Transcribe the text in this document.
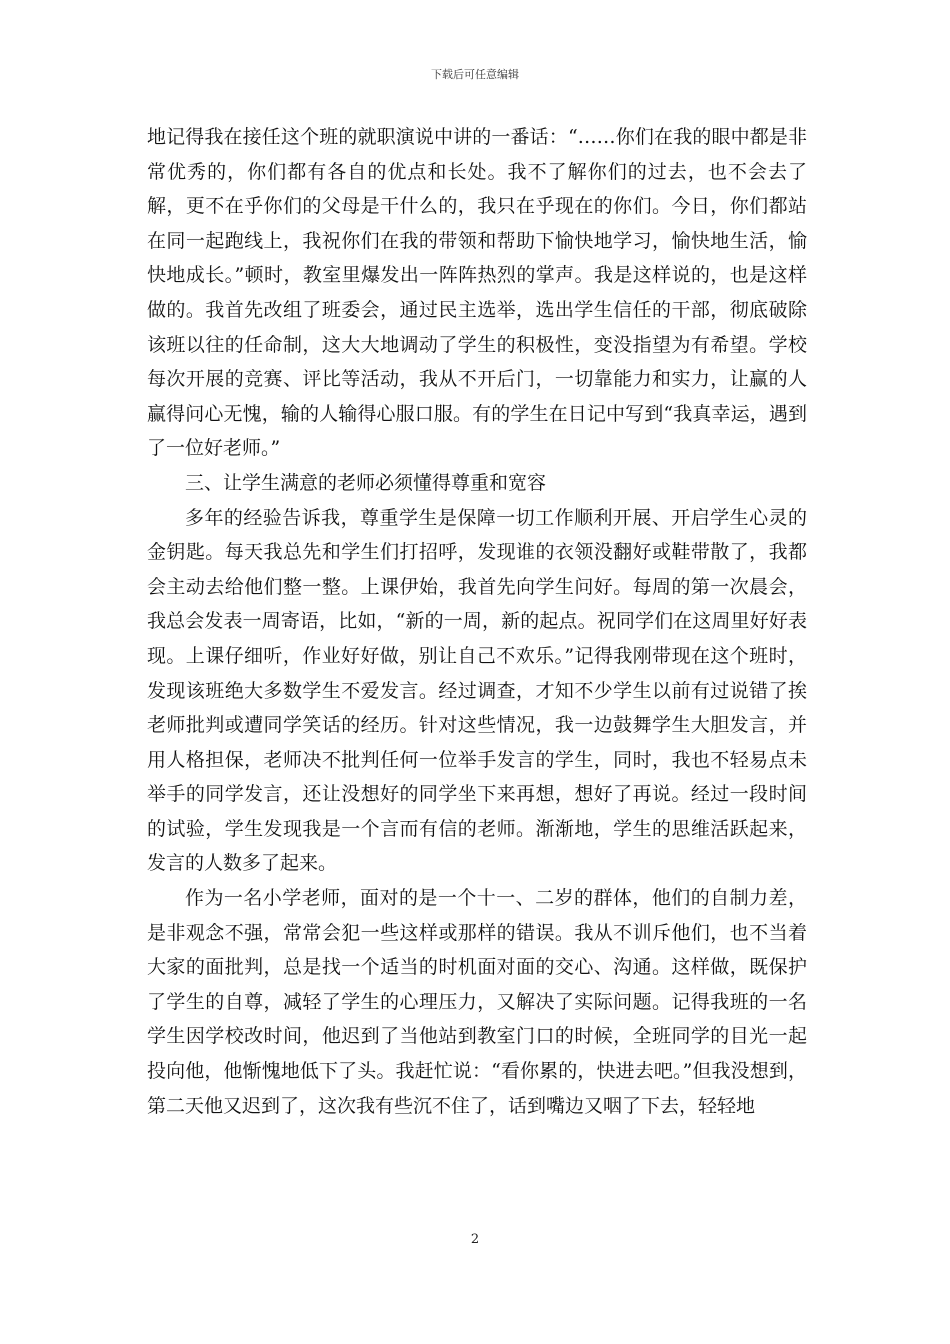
下载后可任意编辑

地记得我在接任这个班的就职演说中讲的一番话：“……你们在我的眼中都是非常优秀的，你们都有各自的优点和长处。我不了解你们的过去，也不会去了解，更不在乎你们的父母是干什么的，我只在乎现在的你们。今日，你们都站在同一起跑线上，我祝你们在我的带领和帮助下愉快地学习，愉快地生活，愉快地成长。”顿时，教室里爆发出一阵阵热烈的掌声。我是这样说的，也是这样做的。我首先改组了班委会，通过民主选举，选出学生信任的干部，彻底破除该班以往的任命制，这大大地调动了学生的积极性，变没指望为有希望。学校每次开展的竞赛、评比等活动，我从不开后门，一切靠能力和实力，让赢的人赢得问心无愧，输的人输得心服口服。有的学生在日记中写到“我真幸运，遇到了一位好老师。”

三、让学生满意的老师必须懂得尊重和宽容

多年的经验告诉我，尊重学生是保障一切工作顺利开展、开启学生心灵的金钥匙。每天我总先和学生们打招呼，发现谁的衣领没翻好或鞋带散了，我都会主动去给他们整一整。上课伊始，我首先向学生问好。每周的第一次晨会，我总会发表一周寄语，比如，“新的一周，新的起点。祝同学们在这周里好好表现。上课仔细听，作业好好做，别让自己不欢乐。”记得我刚带现在这个班时，发现该班绝大多数学生不爱发言。经过调查，才知不少学生以前有过说错了挨老师批判或遭同学笑话的经历。针对这些情况，我一边鼓舞学生大胆发言，并用人格担保，老师决不批判任何一位举手发言的学生，同时，我也不轻易点未举手的同学发言，还让没想好的同学坐下来再想，想好了再说。经过一段时间的试验，学生发现我是一个言而有信的老师。渐渐地，学生的思维活跃起来，发言的人数多了起来。

作为一名小学老师，面对的是一个十一、二岁的群体，他们的自制力差，是非观念不强，常常会犯一些这样或那样的错误。我从不训斥他们，也不当着大家的面批判，总是找一个适当的时机面对面的交心、沟通。这样做，既保护了学生的自尊，减轻了学生的心理压力，又解决了实际问题。记得我班的一名学生因学校改时间，他迟到了当他站到教室门口的时候，全班同学的目光一起投向他，他惭愧地低下了头。我赶忙说：“看你累的，快进去吧。”但我没想到，第二天他又迟到了，这次我有些沉不住了，话到嘴边又咽了下去，轻轻地

2
